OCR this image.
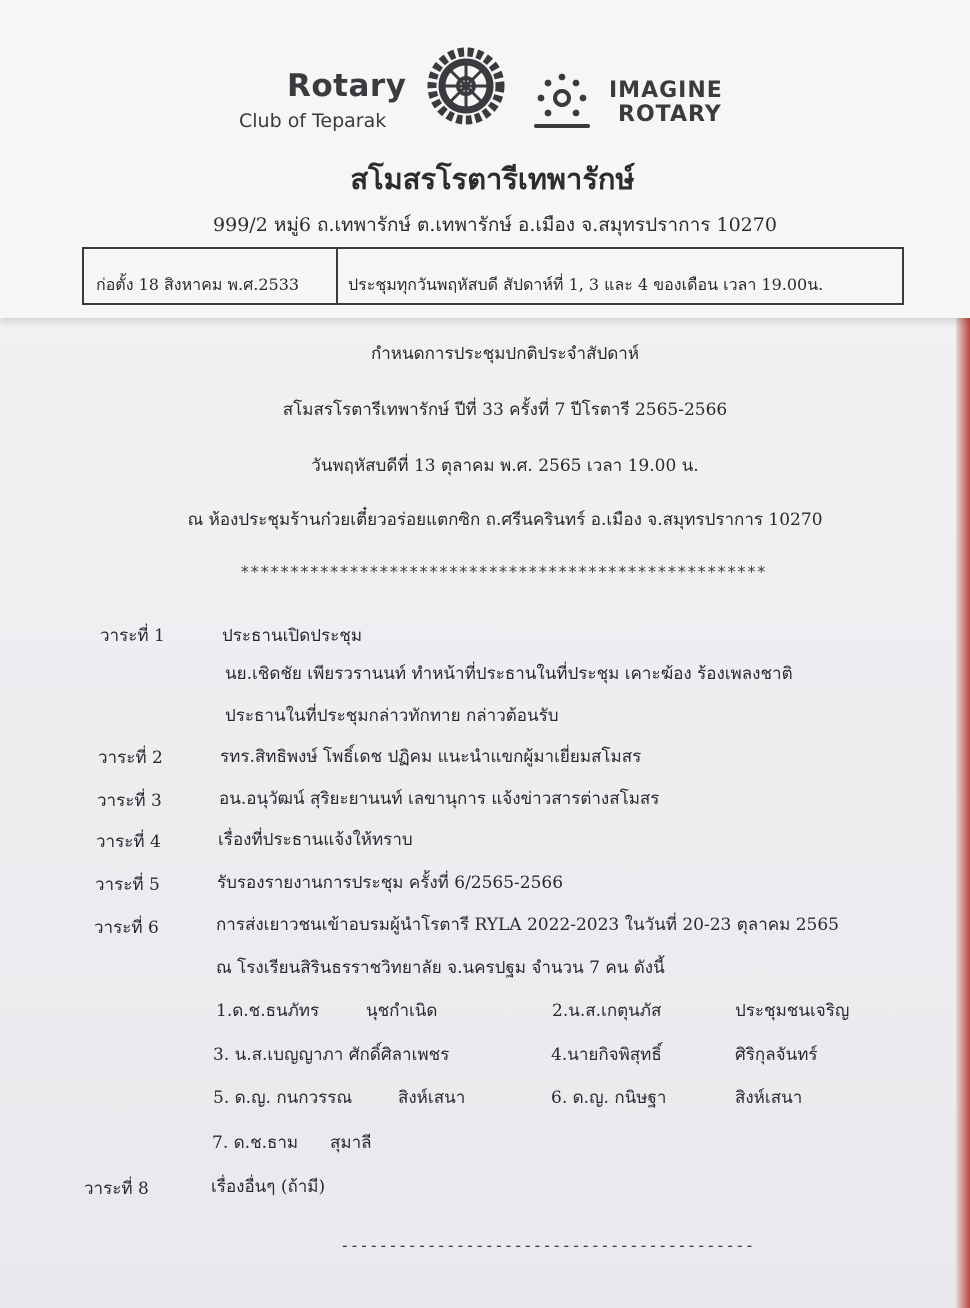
Rotary
Club of Teparak
IMAGINE
ROTARY
สโมสรโรตารีเทพารักษ์
999/2 หมู่6 ถ.เทพารักษ์ ต.เทพารักษ์ อ.เมือง จ.สมุทรปราการ 10270
ก่อตั้ง 18 สิงหาคม พ.ศ.2533	ประชุมทุกวันพฤหัสบดี สัปดาห์ที่ 1, 3 และ 4 ของเดือน เวลา 19.00น.
กำหนดการประชุมปกติประจำสัปดาห์
สโมสรโรตารีเทพารักษ์ ปีที่ 33 ครั้งที่ 7 ปีโรตารี 2565-2566
วันพฤหัสบดีที่ 13 ตุลาคม พ.ศ. 2565 เวลา 19.00 น.
ณ ห้องประชุมร้านก๋วยเตี๋ยวอร่อยแตกซิก ถ.ศรีนครินทร์ อ.เมือง จ.สมุทรปราการ 10270
*****************************************************
วาระที่ 1	ประธานเปิดประชุม
นย.เชิดชัย เพียรวรานนท์ ทำหน้าที่ประธานในที่ประชุม เคาะฆ้อง ร้องเพลงชาติ
ประธานในที่ประชุมกล่าวทักทาย กล่าวต้อนรับ
วาระที่ 2	รทร.สิทธิพงษ์ โพธิ์เดช ปฏิคม แนะนำแขกผู้มาเยี่ยมสโมสร
วาระที่ 3	อน.อนุวัฒน์ สุริยะยานนท์ เลขานุการ แจ้งข่าวสารต่างสโมสร
วาระที่ 4	เรื่องที่ประธานแจ้งให้ทราบ
วาระที่ 5	รับรองรายงานการประชุม ครั้งที่ 6/2565-2566
วาระที่ 6	การส่งเยาวชนเข้าอบรมผู้นำโรตารี RYLA 2022-2023 ในวันที่ 20-23 ตุลาคม 2565
ณ โรงเรียนสิรินธรราชวิทยาลัย จ.นครปฐม จำนวน 7 คน ดังนี้
1.ด.ช.ธนภัทร	นุชกำเนิด	2.น.ส.เกตุนภัส	ประชุมชนเจริญ
3. น.ส.เบญญาภา ศักดิ์ศิลาเพชร	4.นายกิจพิสุทธิ์	ศิริกุลจันทร์
5. ด.ญ. กนกวรรณ	สิงห์เสนา	6. ด.ญ. กนิษฐา	สิงห์เสนา
7. ด.ช.ธาม สุมาลี
วาระที่ 8	เรื่องอื่นๆ (ถ้ามี)
-------------------------------------------
